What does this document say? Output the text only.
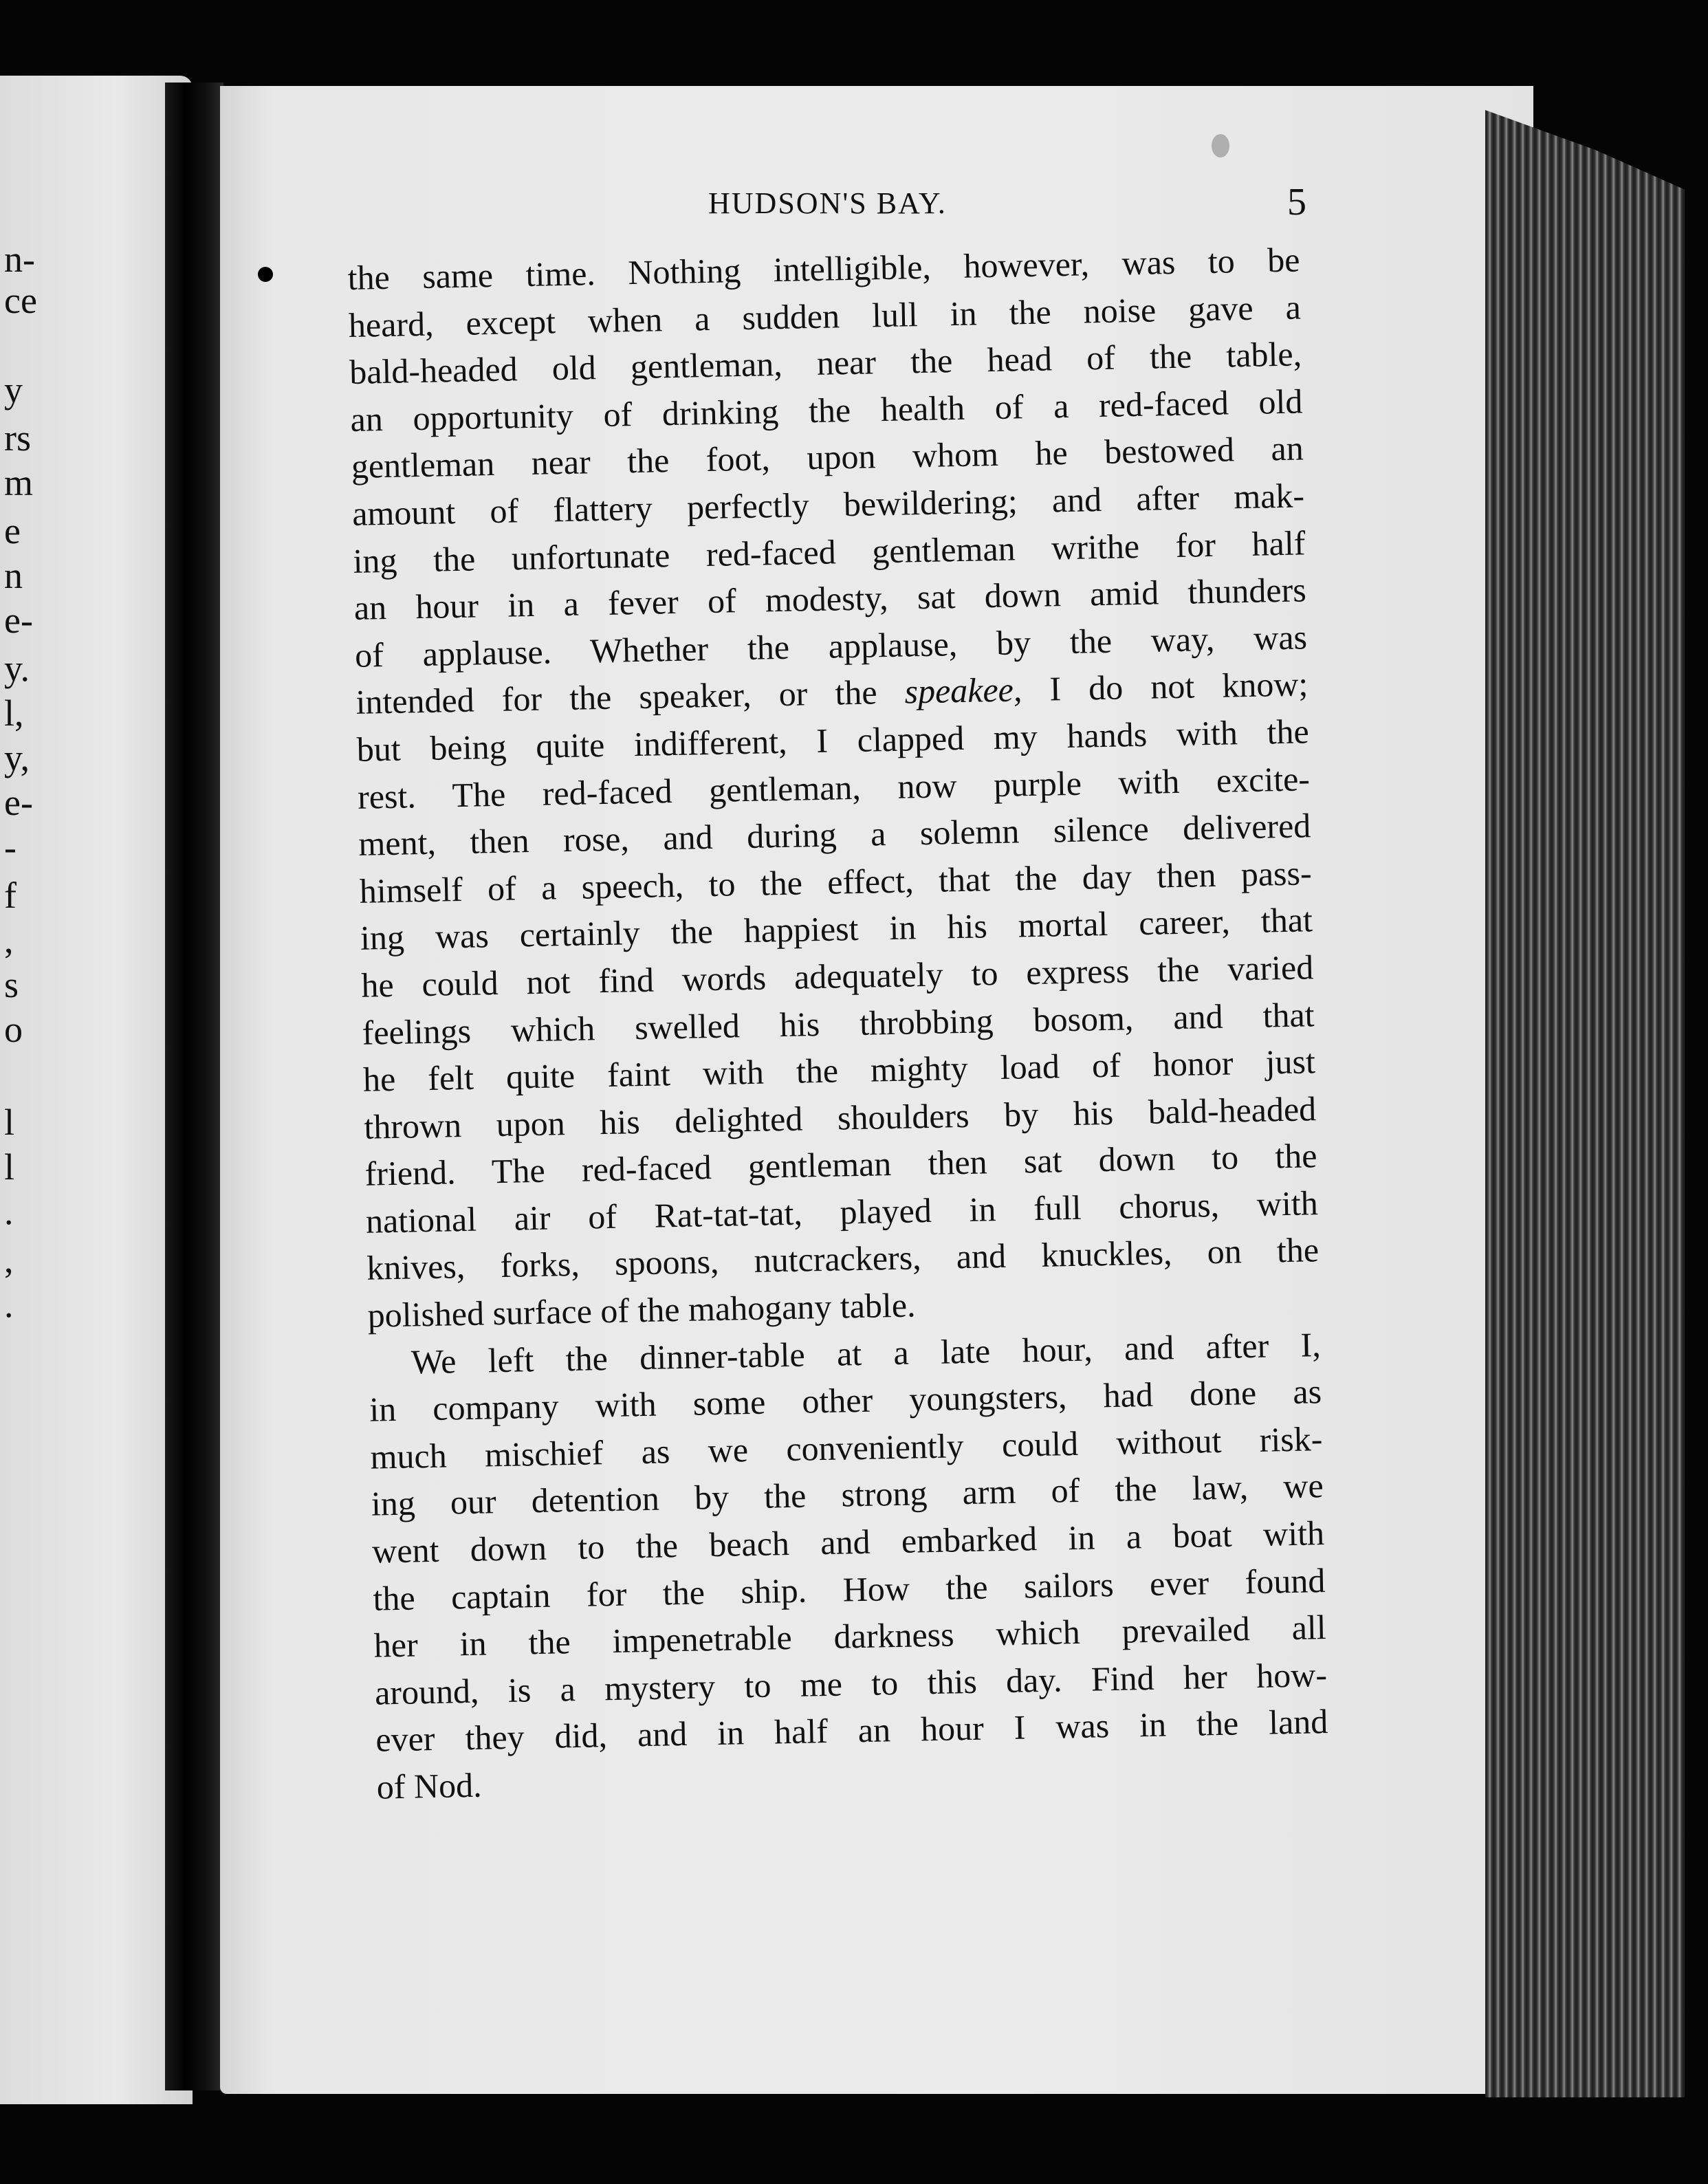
n-
ce
y
rs
m
e
n
e-
y.
l,
y,
e-
-
f
,
s
o
l
l
.
,
.
HUDSON'S BAY.	5
the same time. Nothing intelligible, however, was to be
heard, except when a sudden lull in the noise gave a
bald-headed old gentleman, near the head of the table,
an opportunity of drinking the health of a red-faced old
gentleman near the foot, upon whom he bestowed an
amount of flattery perfectly bewildering; and after mak-
ing the unfortunate red-faced gentleman writhe for half
an hour in a fever of modesty, sat down amid thunders
of applause. Whether the applause, by the way, was
intended for the speaker, or the speakee, I do not know;
but being quite indifferent, I clapped my hands with the
rest. The red-faced gentleman, now purple with excite-
ment, then rose, and during a solemn silence delivered
himself of a speech, to the effect, that the day then pass-
ing was certainly the happiest in his mortal career, that
he could not find words adequately to express the varied
feelings which swelled his throbbing bosom, and that
he felt quite faint with the mighty load of honor just
thrown upon his delighted shoulders by his bald-headed
friend. The red-faced gentleman then sat down to the
national air of Rat-tat-tat, played in full chorus, with
knives, forks, spoons, nutcrackers, and knuckles, on the
polished surface of the mahogany table.
We left the dinner-table at a late hour, and after I,
in company with some other youngsters, had done as
much mischief as we conveniently could without risk-
ing our detention by the strong arm of the law, we
went down to the beach and embarked in a boat with
the captain for the ship. How the sailors ever found
her in the impenetrable darkness which prevailed all
around, is a mystery to me to this day. Find her how-
ever they did, and in half an hour I was in the land
of Nod.
